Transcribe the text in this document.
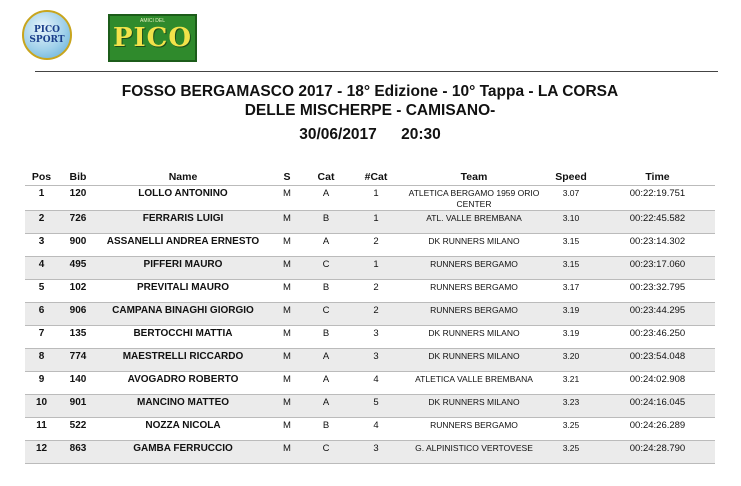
PICO
SPORT
AMICI DEL
PICO
FOSSO BERGAMASCO 2017 - 18° Edizione - 10° Tappa - LA CORSA
DELLE MISCHERPE - CAMISANO-
30/06/2017 20:30
Pos	Bib	Name	S	Cat	#Cat	Team	Speed	Time
1	120	LOLLO ANTONINO	M	A	1	ATLETICA BERGAMO 1959 ORIO CENTER	3.07	00:22:19.751
2	726	FERRARIS LUIGI	M	B	1	ATL. VALLE BREMBANA	3.10	00:22:45.582
3	900	ASSANELLI ANDREA ERNESTO	M	A	2	DK RUNNERS MILANO	3.15	00:23:14.302
4	495	PIFFERI MAURO	M	C	1	RUNNERS BERGAMO	3.15	00:23:17.060
5	102	PREVITALI MAURO	M	B	2	RUNNERS BERGAMO	3.17	00:23:32.795
6	906	CAMPANA BINAGHI GIORGIO	M	C	2	RUNNERS BERGAMO	3.19	00:23:44.295
7	135	BERTOCCHI MATTIA	M	B	3	DK RUNNERS MILANO	3.19	00:23:46.250
8	774	MAESTRELLI RICCARDO	M	A	3	DK RUNNERS MILANO	3.20	00:23:54.048
9	140	AVOGADRO ROBERTO	M	A	4	ATLETICA VALLE BREMBANA	3.21	00:24:02.908
10	901	MANCINO MATTEO	M	A	5	DK RUNNERS MILANO	3.23	00:24:16.045
11	522	NOZZA NICOLA	M	B	4	RUNNERS BERGAMO	3.25	00:24:26.289
12	863	GAMBA FERRUCCIO	M	C	3	G. ALPINISTICO VERTOVESE	3.25	00:24:28.790
